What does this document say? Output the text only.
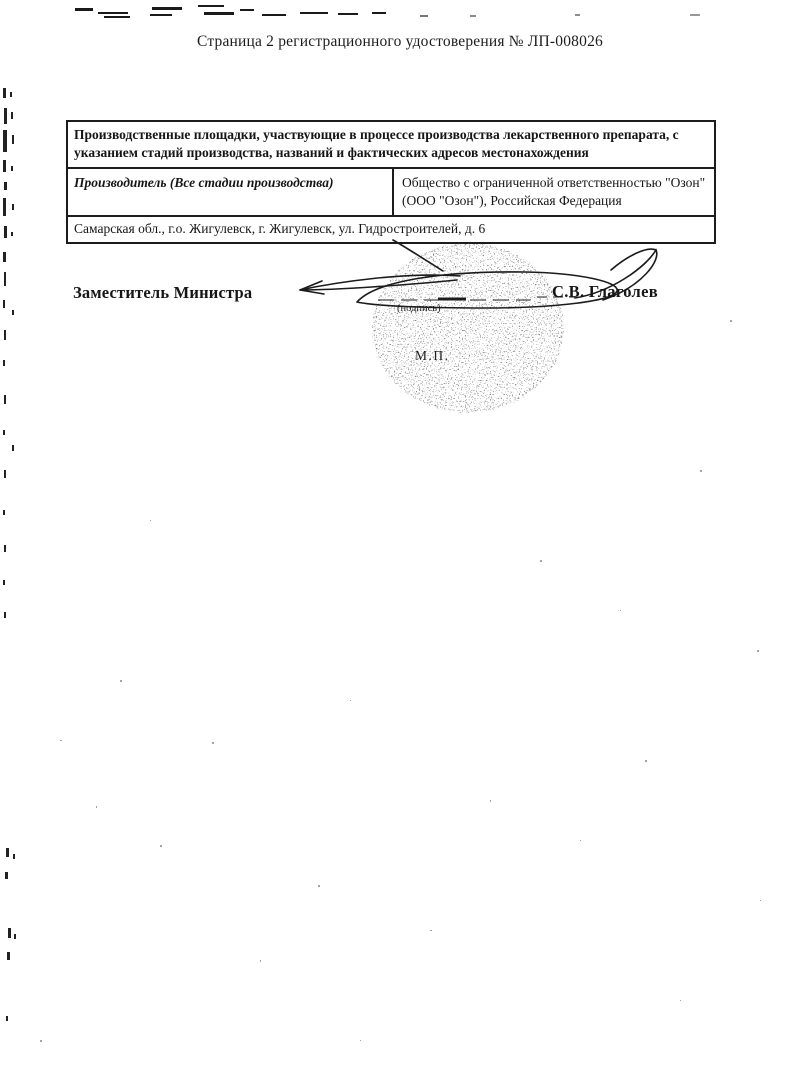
Страница 2 регистрационного удостоверения № ЛП-008026
Производственные площадки, участвующие в процессе производства лекарственного препарата, с указанием стадий производства, названий и фактических адресов местонахождения
Производитель (Все стадии производства)	Общество с ограниченной ответственностью "Озон" (ООО "Озон"), Российская Федерация
Самарская обл., г.о. Жигулевск, г. Жигулевск, ул. Гидростроителей, д. 6
Заместитель Министра	С.В. Глаголев
(подпись)
М.П.
